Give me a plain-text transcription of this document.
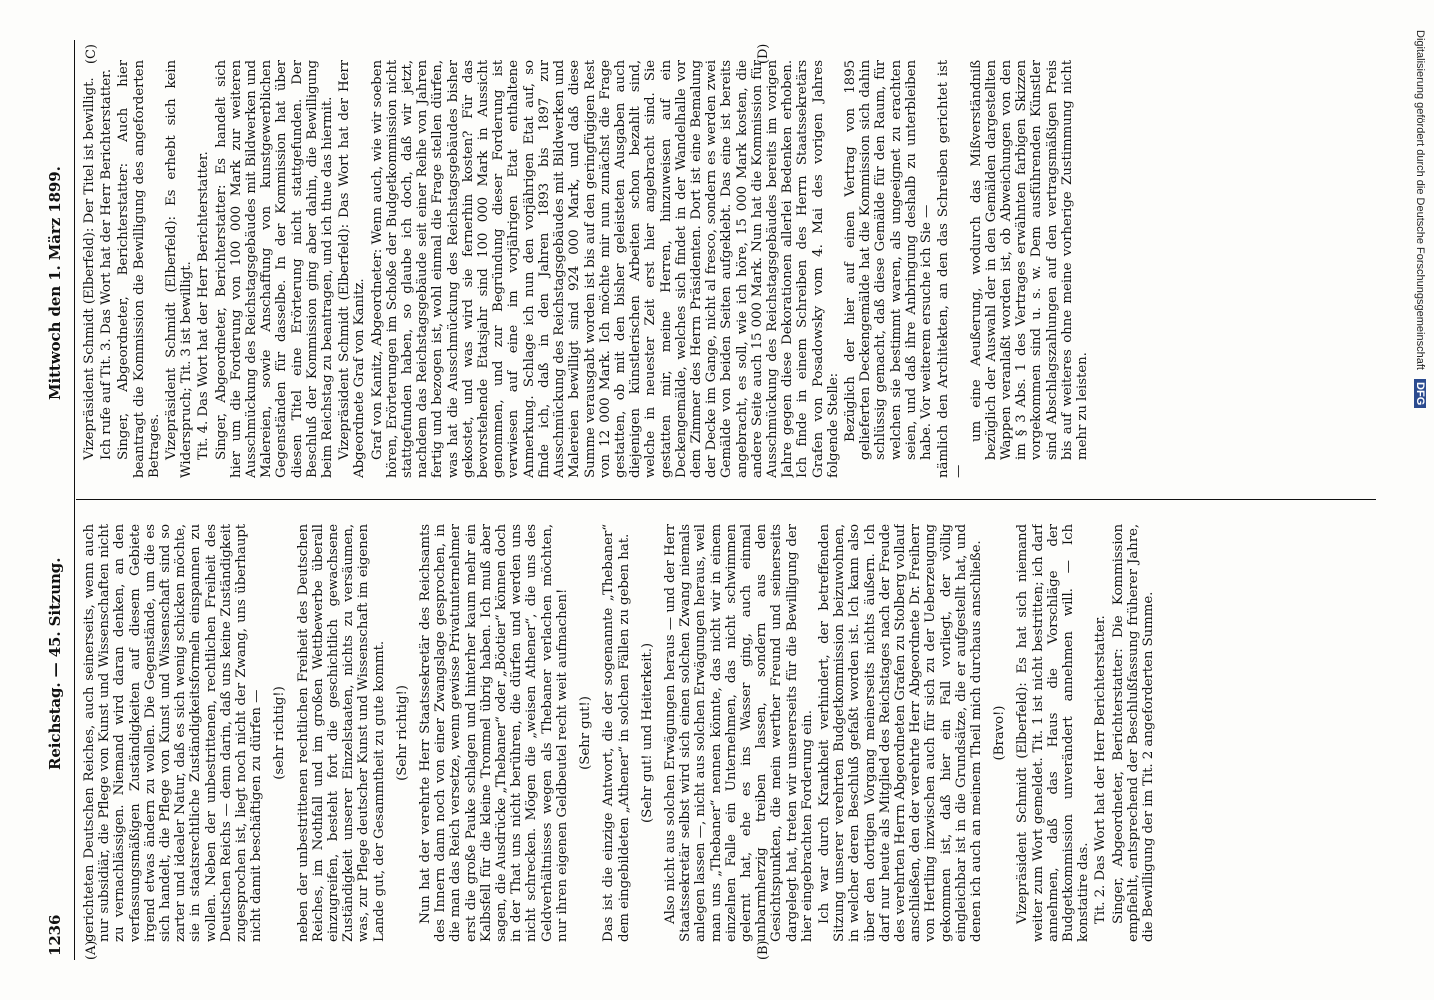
1236
Reichstag. — 45. Sitzung.
Mittwoch den 1. März 1899.
(A)	(B)
(C)	(D)

gerichteten Deutschen Reiches, auch seinerseits, wenn auch nur subsidiär, die Pflege von Kunst und Wissenschaften nicht zu vernachlässigen. Niemand wird daran denken, an den verfassungsmäßigen Zuständigkeiten auf diesem Gebiete irgend etwas ändern zu wollen. Die Gegenstände, um die es sich handelt, die Pflege von Kunst und Wissenschaft sind so zarter und idealer Natur, daß es sich wenig schicken möchte, sie in staatsrechtliche Zuständigkeitsformeln einspannen zu wollen. Neben der unbestrittenen, rechtlichen Freiheit des Deutschen Reichs — denn darin, daß uns keine Zuständigkeit zugesprochen ist, liegt noch nicht der Zwang, uns überhaupt nicht damit beschäftigen zu dürfen — (sehr richtig!) neben der unbestrittenen rechtlichen Freiheit des Deutschen Reiches, im Nothfall und im großen Wettbewerbe überall einzugreifen, besteht fort die geschichtlich gewachsene Zuständigkeit unserer Einzelstaaten, nichts zu versäumen, was, zur Pflege deutscher Kunst und Wissenschaft im eigenen Lande gut, der Gesammtheit zu gute kommt. (Sehr richtig!) Nun hat der verehrte Herr Staatssekretär des Reichsamts des Innern dann noch von einer Zwangslage gesprochen, in die man das Reich versetze, wenn gewisse Privatunternehmer erst die große Pauke schlagen und hinterher kaum mehr ein Kalbsfell für die kleine Trommel übrig haben. Ich muß aber sagen, die Ausdrücke „Thebaner“ oder „Böotier“ können doch in der That uns nicht berühren, die dürfen und werden uns nicht schrecken. Mögen die „weisen Athener“, die uns des Geldverhältnisses wegen als Thebaner verlachen möchten, nur ihren eigenen Geldbeutel recht weit aufmachen! (Sehr gut!) Das ist die einzige Antwort, die der sogenannte „Thebaner“ dem eingebildeten „Athener“ in solchen Fällen zu geben hat. (Sehr gut! und Heiterkeit.) Also nicht aus solchen Erwägungen heraus — und der Herr Staatssekretär selbst wird sich einen solchen Zwang niemals anlegen lassen —, nicht aus solchen Erwägungen heraus, weil man uns „Thebaner“ nennen könnte, das nicht wir in einem einzelnen Falle ein Unternehmen, das nicht schwimmen gelernt hat, ehe es ins Wasser ging, auch einmal unbarmherzig treiben lassen, sondern aus den Gesichtspunkten, die mein werther Freund und seinerseits dargelegt hat, treten wir unsererseits für die Bewilligung der hier eingebrachten Forderung ein. Ich war durch Krankheit verhindert, der betreffenden Sitzung unserer verehrten Budgetkommission beizuwohnen, in welcher deren Beschluß gefaßt worden ist. Ich kann also über den dortigen Vorgang meinerseits nichts äußern. Ich darf nur heute als Mitglied des Reichstages nach der Freude des verehrten Herrn Abgeordneten Grafen zu Stolberg vollauf anschließen, den der verehrte Herr Abgeordnete Dr. Freiherr von Hertling inzwischen auch für sich zu der Ueberzeugung gekommen ist, daß hier ein Fall vorliegt, der völlig eingleichbar ist in die Grundsätze, die er aufgestellt hat, und denen ich auch an meinem Theil mich durchaus anschließe. (Bravo!) Vizepräsident Schmidt (Elberfeld): Es hat sich niemand weiter zum Wort gemeldet. Tit. 1 ist nicht bestritten; ich darf annehmen, daß das Haus die Vorschläge der Budgetkommission unverändert annehmen will. — Ich konstatire das. Tit. 2. Das Wort hat der Herr Berichterstatter. Singer, Abgeordneter, Berichterstatter: Die Kommission empfiehlt, entsprechend der Beschlußfassung früherer Jahre, die Bewilligung der im Tit. 2 angeforderten Summe.

Vizepräsident Schmidt (Elberfeld): Der Titel ist bewilligt. Ich rufe auf Tit. 3. Das Wort hat der Herr Berichterstatter. Singer, Abgeordneter, Berichterstatter: Auch hier beantragt die Kommission die Bewilligung des angeforderten Betrages. Vizepräsident Schmidt (Elberfeld): Es erhebt sich kein Widerspruch; Tit. 3 ist bewilligt. Tit. 4. Das Wort hat der Herr Berichterstatter. Singer, Abgeordneter, Berichterstatter: Es handelt sich hier um die Forderung von 100 000 Mark zur weiteren Ausschmückung des Reichstagsgebäudes mit Bildwerken und Malereien, sowie Anschaffung von kunstgewerblichen Gegenständen für dasselbe. In der Kommission hat über diesen Titel eine Erörterung nicht stattgefunden. Der Beschluß der Kommission ging aber dahin, die Bewilligung beim Reichstag zu beantragen, und ich thue das hiermit. Vizepräsident Schmidt (Elberfeld): Das Wort hat der Herr Abgeordnete Graf von Kanitz. Graf von Kanitz, Abgeordneter: Wenn auch, wie wir soeben hören, Erörterungen im Schoße der Budgetkommission nicht stattgefunden haben, so glaube ich doch, daß wir jetzt, nachdem das Reichstagsgebäude seit einer Reihe von Jahren fertig und bezogen ist, wohl einmal die Frage stellen dürfen, was hat die Ausschmückung des Reichstagsgebäudes bisher gekostet, und was wird sie fernerhin kosten? Für das bevorstehende Etatsjahr sind 100 000 Mark in Aussicht genommen, und zur Begründung dieser Forderung ist verwiesen auf eine im vorjährigen Etat enthaltene Anmerkung. Schlage ich nun den vorjährigen Etat auf, so finde ich, daß in den Jahren 1893 bis 1897 zur Ausschmückung des Reichstagsgebäudes mit Bildwerken und Malereien bewilligt sind 924 000 Mark, und daß diese Summe verausgabt worden ist bis auf den geringfügigen Rest von 12 000 Mark. Ich möchte mir nun zunächst die Frage gestatten, ob mit den bisher geleisteten Ausgaben auch diejenigen künstlerischen Arbeiten schon bezahlt sind, welche in neuester Zeit erst hier angebracht sind. Sie gestatten mir, meine Herren, hinzuweisen auf ein Deckengemälde, welches sich findet in der Wandelhalle vor dem Zimmer des Herrn Präsidenten. Dort ist eine Bemalung der Decke im Gange, nicht al fresco, sondern es werden zwei Gemälde von beiden Seiten aufgeklebt. Das eine ist bereits angebracht, es soll, wie ich höre, 15 000 Mark kosten, die andere Seite auch 15 000 Mark. Nun hat die Kommission für Ausschmückung des Reichstagsgebäudes bereits im vorigen Jahre gegen diese Dekorationen allerlei Bedenken erhoben. Ich finde in einem Schreiben des Herrn Staatssekretärs Grafen von Posadowsky vom 4. Mai des vorigen Jahres folgende Stelle: Bezüglich der hier auf einen Vertrag von 1895 gelieferten Deckengemälde hat die Kommission sich dahin schlüssig gemacht, daß diese Gemälde für den Raum, für welchen sie bestimmt waren, als ungeeignet zu erachten seien, und daß ihre Anbringung deshalb zu unterbleiben habe. Vor weiterem ersuche ich Sie — nämlich den Architekten, an den das Schreiben gerichtet ist —

um eine Aeußerung, wodurch das Mißverständniß bezüglich der Auswahl der in den Gemälden dargestellten Wappen veranlaßt worden ist, ob Abweichungen von den im § 3 Abs. 1 des Vertrages erwähnten farbigen Skizzen vorgekommen sind u. s. w. Dem ausführenden Künstler sind Abschlagszahlungen auf den vertragsmäßigen Preis bis auf weiteres ohne meine vorherige Zustimmung nicht mehr zu leisten.

Digitalisierung gefördert durch die Deutsche Forschungsgemeinschaft DFG
